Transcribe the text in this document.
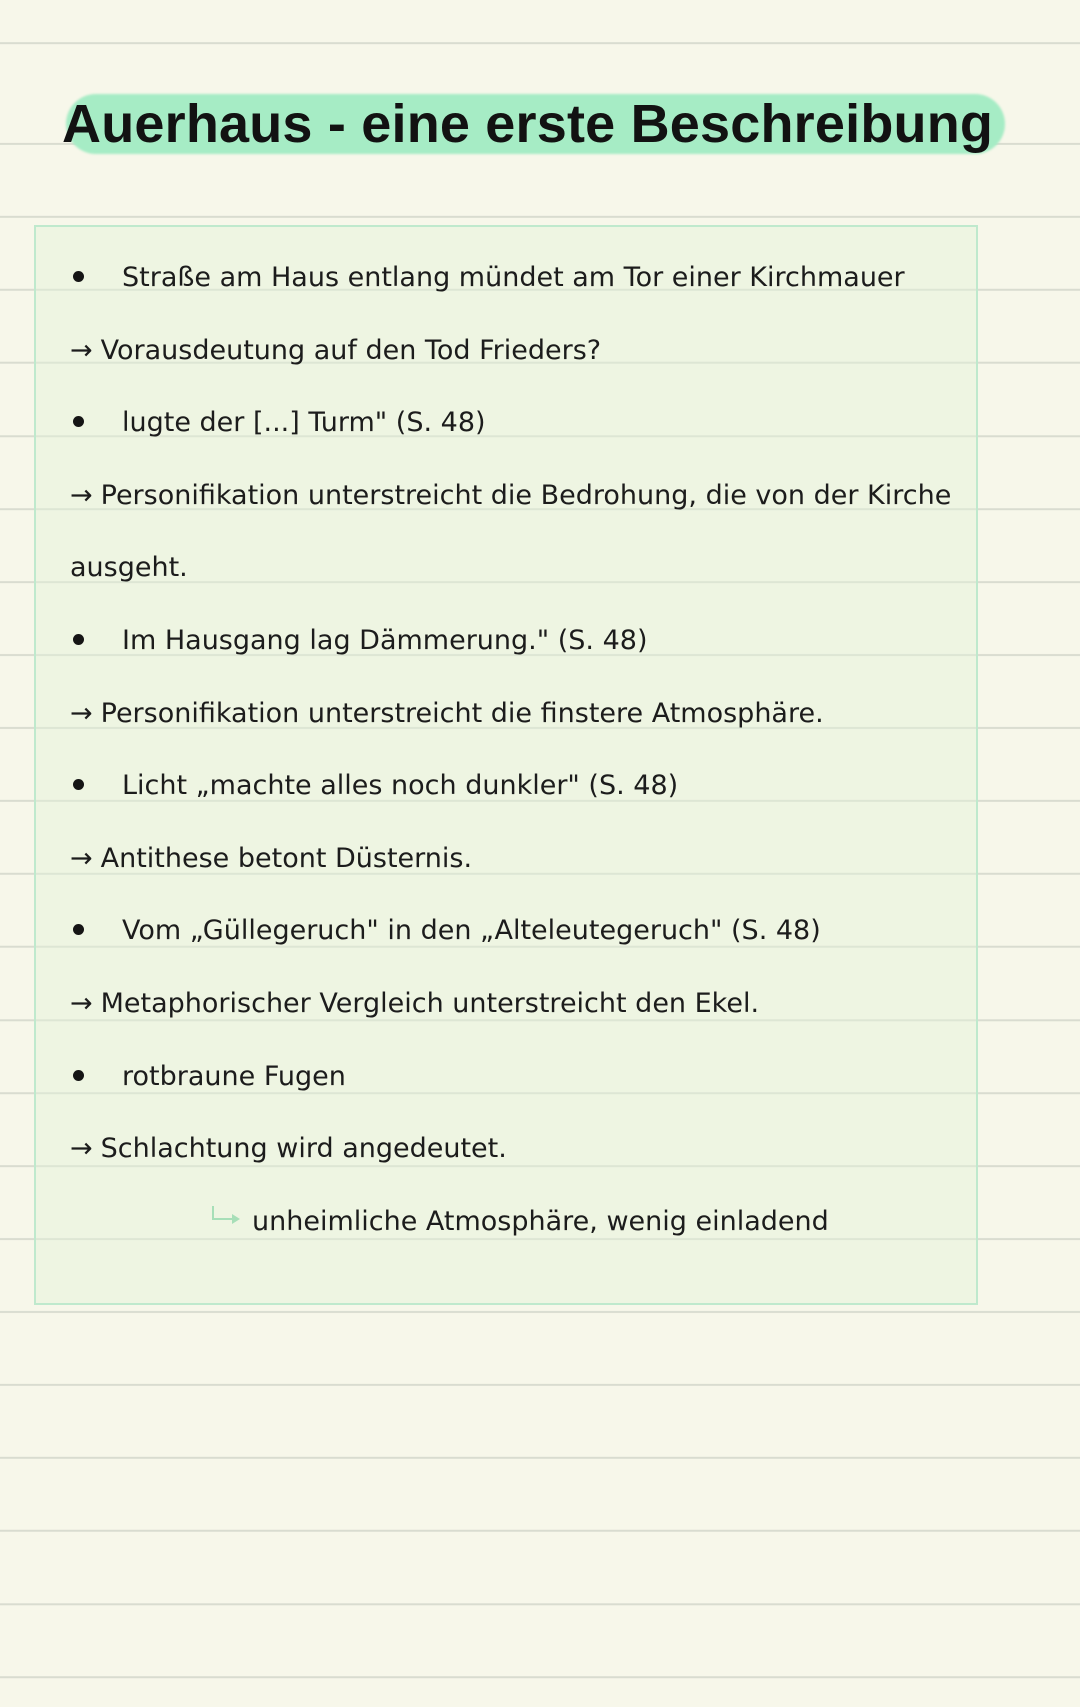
Auerhaus - eine erste Beschreibung
Straße am Haus entlang mündet am Tor einer Kirchmauer
→ Vorausdeutung auf den Tod Frieders?
lugte der [...] Turm" (S. 48)
→ Personifikation unterstreicht die Bedrohung, die von der Kirche
ausgeht.
Im Hausgang lag Dämmerung." (S. 48)
→ Personifikation unterstreicht die finstere Atmosphäre.
Licht „machte alles noch dunkler" (S. 48)
→ Antithese betont Düsternis.
Vom „Güllegeruch" in den „Alteleutegeruch" (S. 48)
→ Metaphorischer Vergleich unterstreicht den Ekel.
rotbraune Fugen
→ Schlachtung wird angedeutet.
unheimliche Atmosphäre, wenig einladend
